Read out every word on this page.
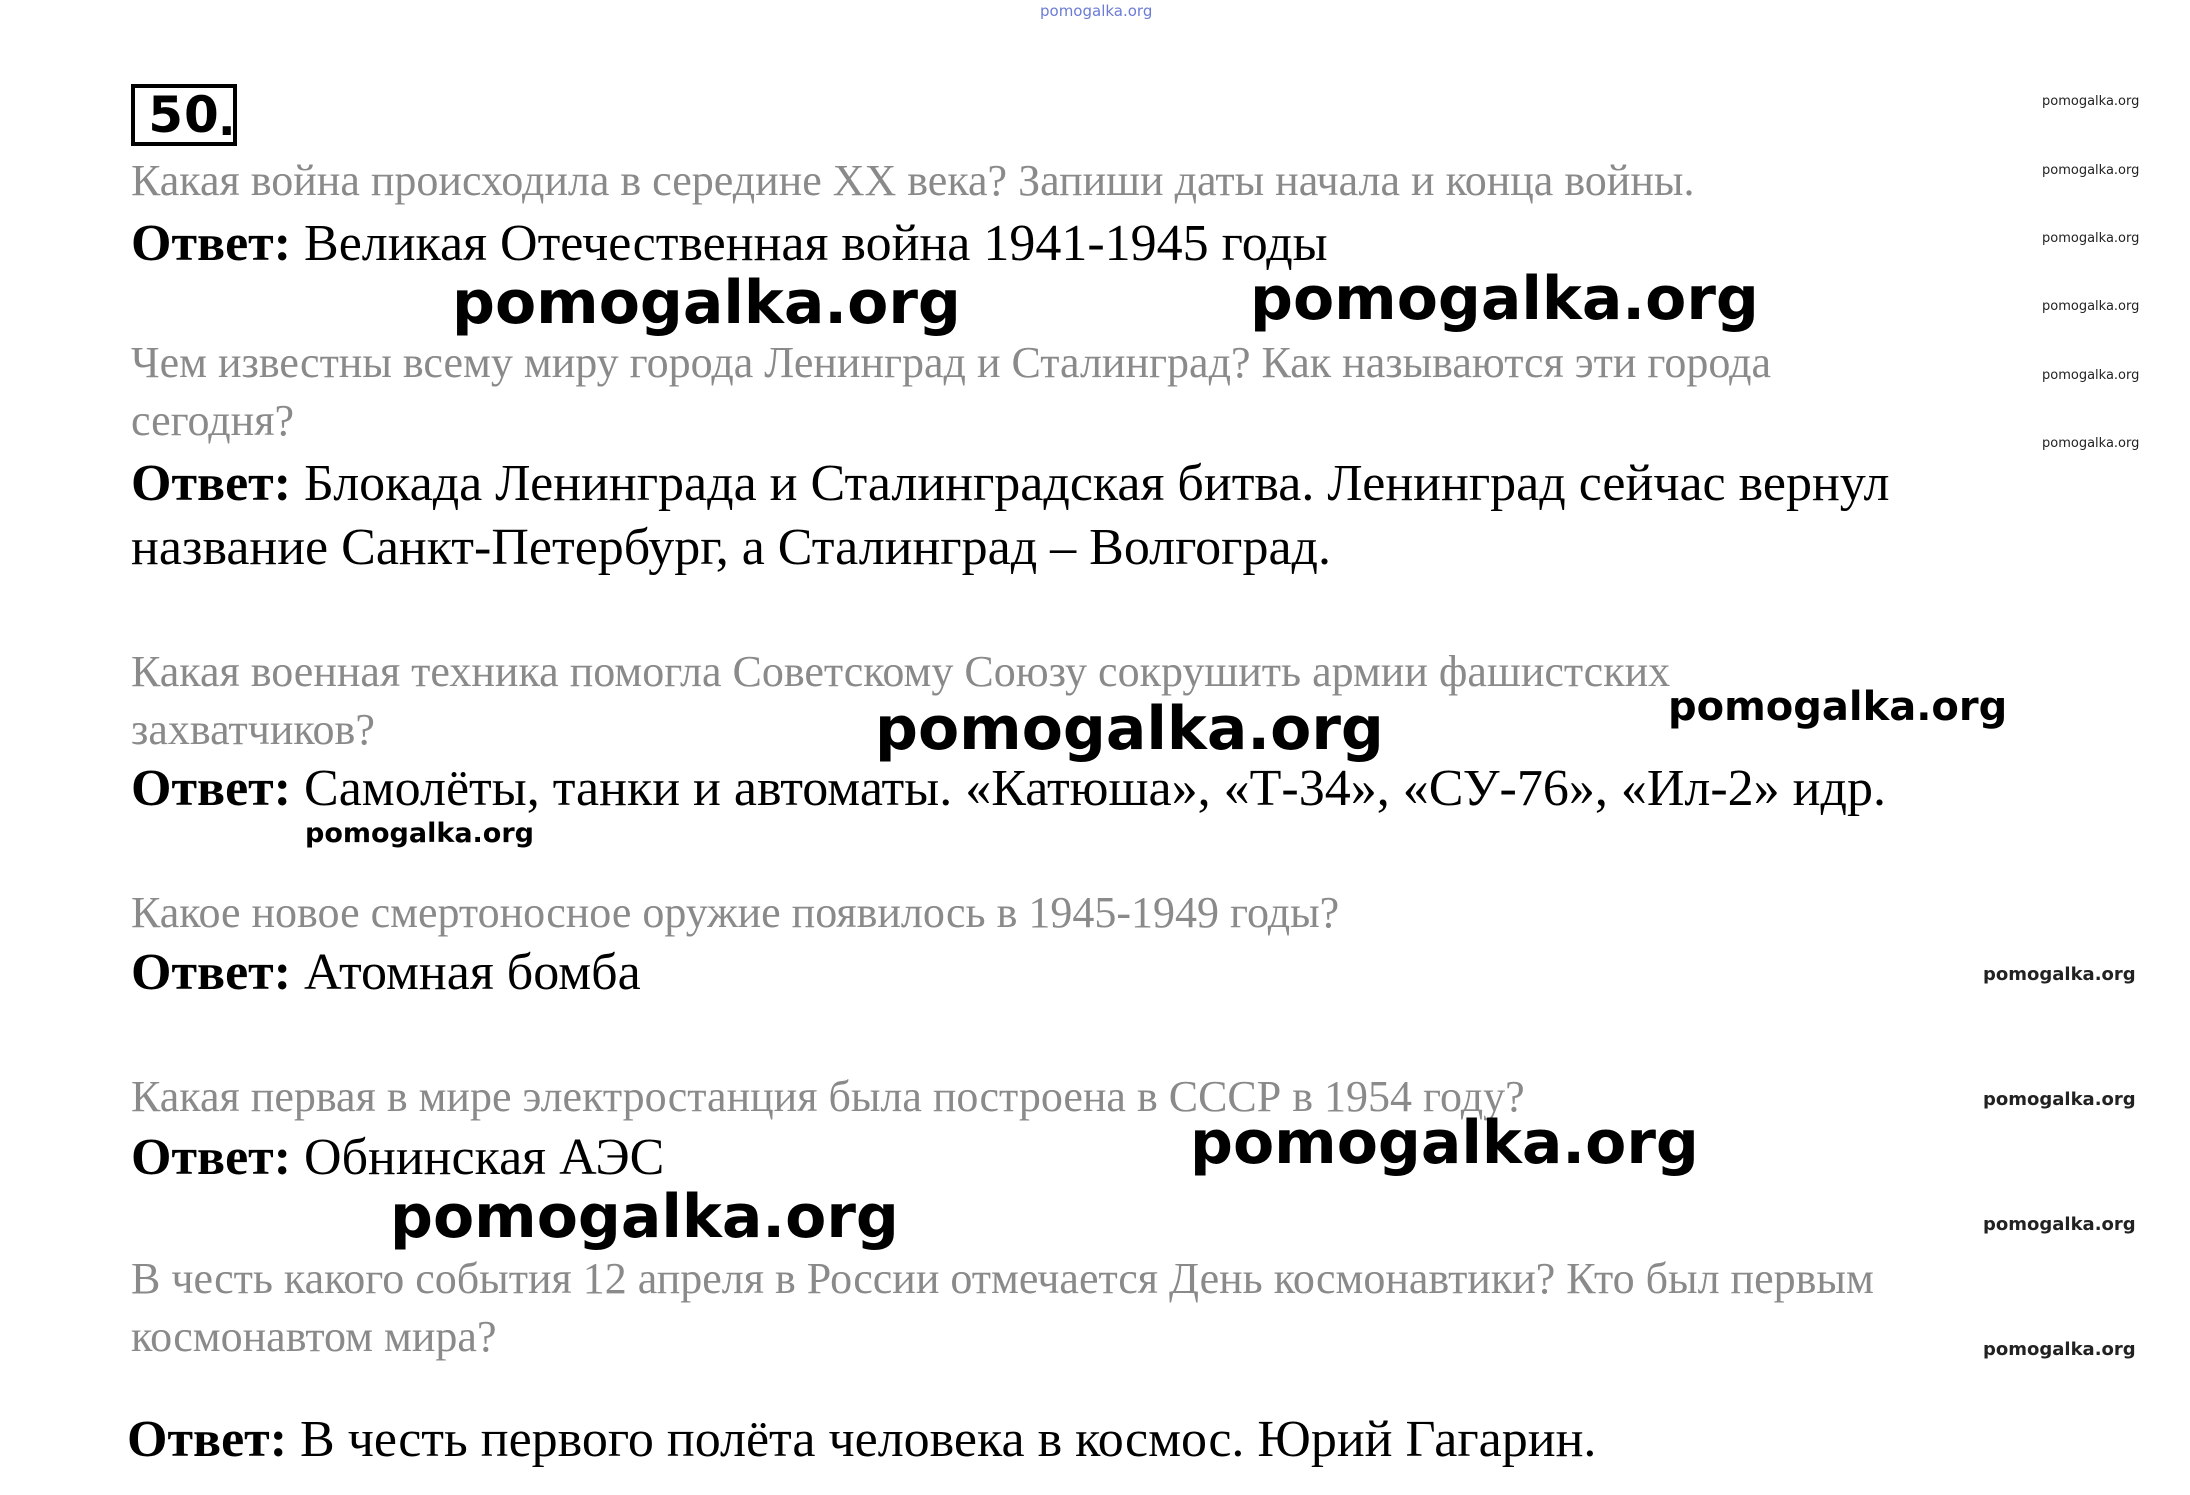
pomogalka.org
50
.
Какая война происходила в середине XX века? Запиши даты начала и конца войны.
Ответ: Великая Отечественная война 1941-1945 годы
Чем известны всему миру города Ленинград и Сталинград? Как называются эти города
сегодня?
Ответ: Блокада Ленинграда и Сталинградская битва. Ленинград сейчас вернул
название Санкт-Петербург, а Сталинград – Волгоград.
Какая военная техника помогла Советскому Союзу сокрушить армии фашистских
захватчиков?
Ответ: Самолёты, танки и автоматы. «Катюша», «Т-34», «СУ-76», «Ил-2» идр.
Какое новое смертоносное оружие появилось в 1945-1949 годы?
Ответ: Атомная бомба
Какая первая в мире электростанция была построена в СССР в 1954 году?
Ответ: Обнинская АЭС
В честь какого события 12 апреля в России отмечается День космонавтики? Кто был первым
космонавтом мира?
Ответ: В честь первого полёта человека в космос. Юрий Гагарин.
pomogalka.org	pomogalka.org
pomogalka.org
pomogalka.org
pomogalka.org
pomogalka.org
pomogalka.org
pomogalka.org
pomogalka.org
pomogalka.org
pomogalka.org
pomogalka.org
pomogalka.org
pomogalka.org
pomogalka.org
pomogalka.org
pomogalka.org
